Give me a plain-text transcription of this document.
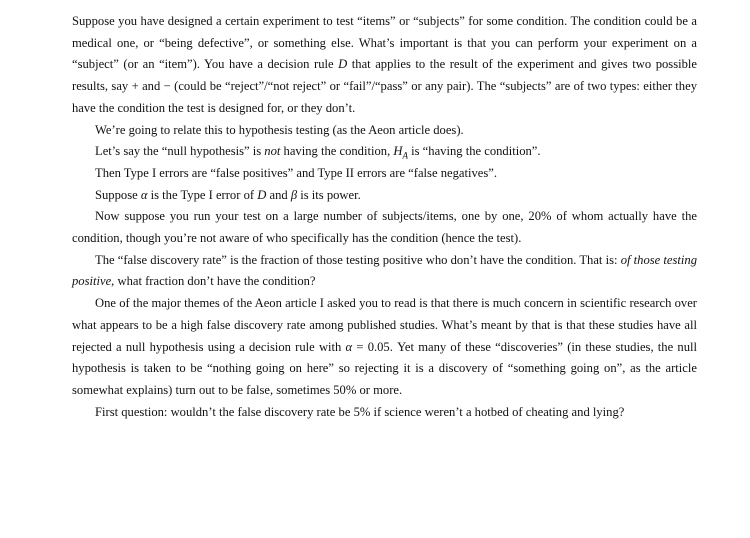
Suppose you have designed a certain experiment to test “items” or “subjects” for some condition. The condition could be a medical one, or “being defective”, or something else. What’s important is that you can perform your experiment on a “subject” (or an “item”). You have a decision rule D that applies to the result of the experiment and gives two possible results, say + and − (could be “reject”/“not reject” or “fail”/“pass” or any pair). The “subjects” are of two types: either they have the condition the test is designed for, or they don’t.

We’re going to relate this to hypothesis testing (as the Aeon article does).

Let’s say the “null hypothesis” is not having the condition, $H_A$ is “having the condition”.

Then Type I errors are “false positives” and Type II errors are “false negatives”.

Suppose α is the Type I error of D and β is its power.

Now suppose you run your test on a large number of subjects/items, one by one, 20% of whom actually have the condition, though you’re not aware of who specifically has the condition (hence the test).

The “false discovery rate” is the fraction of those testing positive who don’t have the condition. That is: of those testing positive, what fraction don’t have the condition?

One of the major themes of the Aeon article I asked you to read is that there is much concern in scientific research over what appears to be a high false discovery rate among published studies. What’s meant by that is that these studies have all rejected a null hypothesis using a decision rule with α = 0.05. Yet many of these “discoveries” (in these studies, the null hypothesis is taken to be “nothing going on here” so rejecting it is a discovery of “something going on”, as the article somewhat explains) turn out to be false, sometimes 50% or more.

First question: wouldn’t the false discovery rate be 5% if science weren’t a hotbed of cheating and lying?
